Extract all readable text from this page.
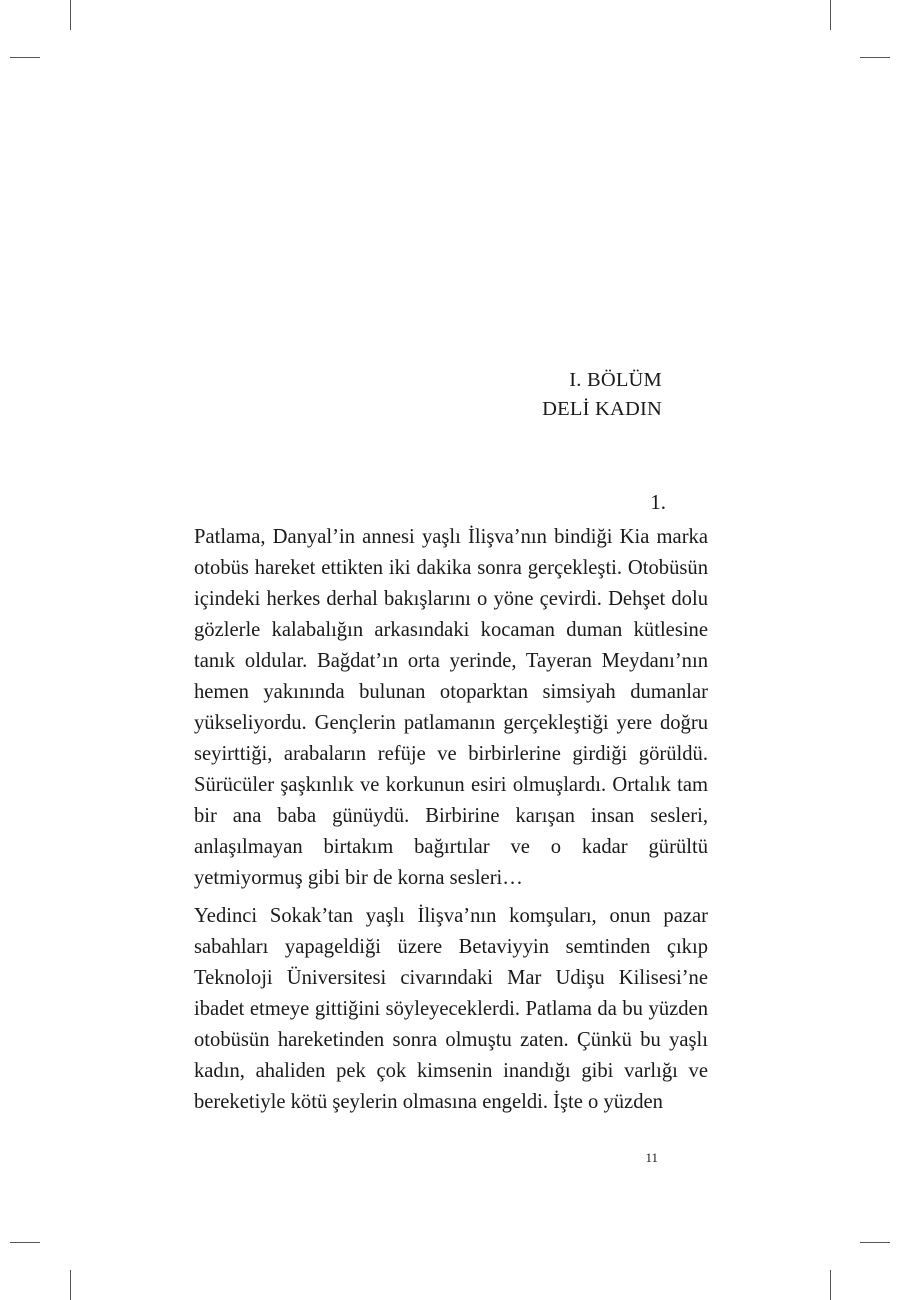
I. BÖLÜM
DELİ KADIN
1.

Patlama, Danyal’in annesi yaşlı İlişva’nın bindiği Kia marka otobüs hareket ettikten iki dakika sonra gerçekleşti. Otobüsün içindeki herkes derhal bakışlarını o yöne çevirdi. Dehşet dolu gözlerle kalabalığın arkasındaki kocaman duman kütlesine tanık oldular. Bağdat’ın orta yerinde, Tayeran Meydanı’nın hemen yakınında bulunan otoparktan simsiyah dumanlar yükseliyordu. Gençlerin patlamanın gerçekleştiği yere doğru seyirttiği, arabaların refüje ve birbirlerine girdiği görüldü. Sürücüler şaşkınlık ve korkunun esiri olmuşlardı. Ortalık tam bir ana baba günüydü. Birbirine karışan insan sesleri, anlaşılmayan birtakım bağırtılar ve o kadar gürültü yetmiyormuş gibi bir de korna sesleri…

Yedinci Sokak’tan yaşlı İlişva’nın komşuları, onun pazar sabahları yapageldiği üzere Betaviyyin semtinden çıkıp Teknoloji Üniversitesi civarındaki Mar Udişu Kilisesi’ne ibadet etmeye gittiğini söyleyeceklerdi. Patlama da bu yüzden otobüsün hareketinden sonra olmuştu zaten. Çünkü bu yaşlı kadın, ahaliden pek çok kimsenin inandığı gibi varlığı ve bereketiyle kötü şeylerin olmasına engeldi. İşte o yüzden

11
